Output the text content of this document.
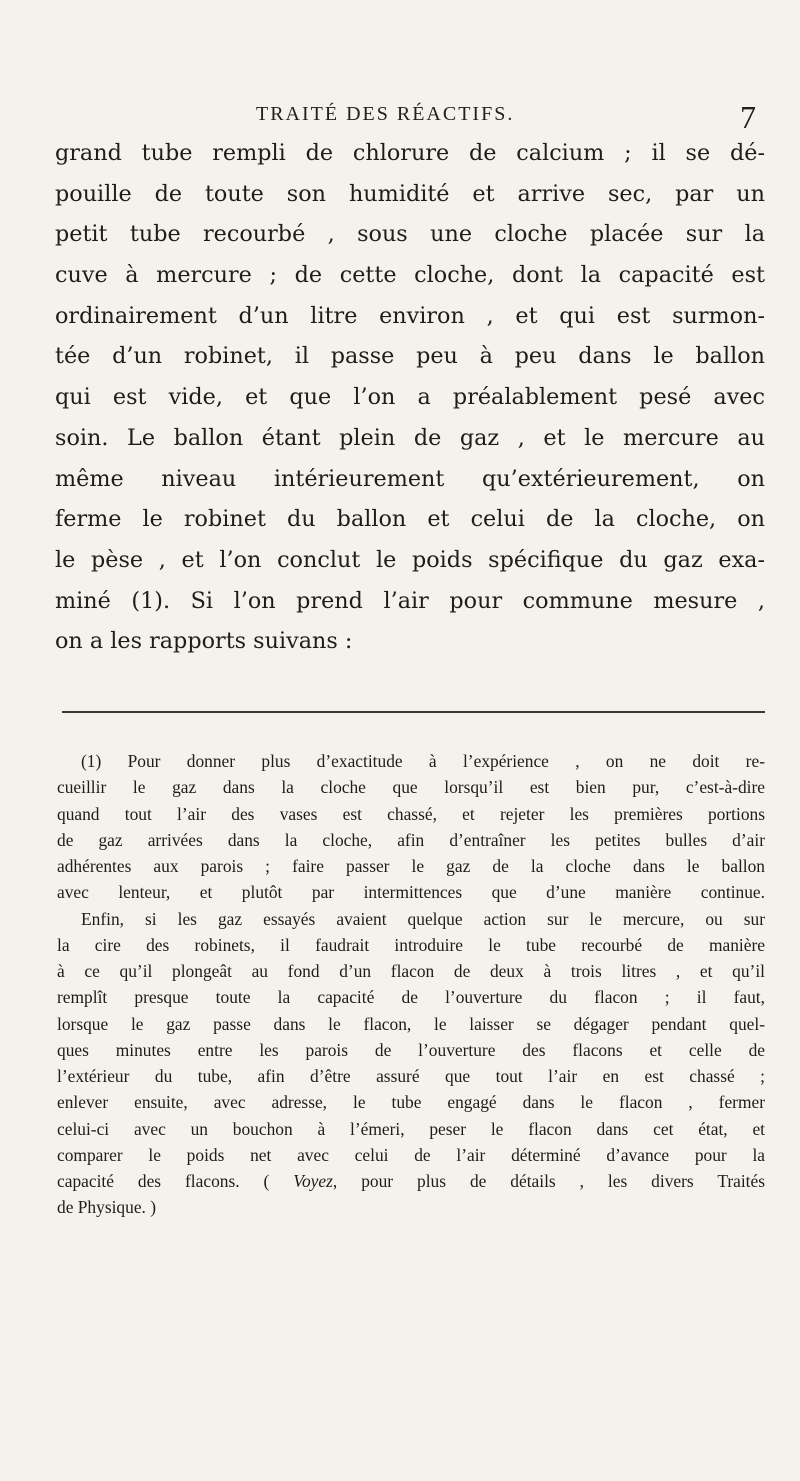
TRAITÉ DES RÉACTIFS.	7
grand tube rempli de chlorure de calcium ; il se dé-
pouille de toute son humidité et arrive sec, par un
petit tube recourbé , sous une cloche placée sur la
cuve à mercure ; de cette cloche, dont la capacité est
ordinairement d’un litre environ , et qui est surmon-
tée d’un robinet, il passe peu à peu dans le ballon
qui est vide, et que l’on a préalablement pesé avec
soin. Le ballon étant plein de gaz , et le mercure au
même niveau intérieurement qu’extérieurement, on
ferme le robinet du ballon et celui de la cloche, on
le pèse , et l’on conclut le poids spécifique du gaz exa-
miné (1). Si l’on prend l’air pour commune mesure ,
on a les rapports suivans :
(1) Pour donner plus d’exactitude à l’expérience , on ne doit re-
cueillir le gaz dans la cloche que lorsqu’il est bien pur, c’est-à-dire
quand tout l’air des vases est chassé, et rejeter les premières portions
de gaz arrivées dans la cloche, afin d’entraîner les petites bulles d’air
adhérentes aux parois ; faire passer le gaz de la cloche dans le ballon
avec lenteur, et plutôt par intermittences que d’une manière continue.
Enfin, si les gaz essayés avaient quelque action sur le mercure, ou sur
la cire des robinets, il faudrait introduire le tube recourbé de manière
à ce qu’il plongeât au fond d’un flacon de deux à trois litres , et qu’il
remplît presque toute la capacité de l’ouverture du flacon ; il faut,
lorsque le gaz passe dans le flacon, le laisser se dégager pendant quel-
ques minutes entre les parois de l’ouverture des flacons et celle de
l’extérieur du tube, afin d’être assuré que tout l’air en est chassé ;
enlever ensuite, avec adresse, le tube engagé dans le flacon , fermer
celui-ci avec un bouchon à l’émeri, peser le flacon dans cet état, et
comparer le poids net avec celui de l’air déterminé d’avance pour la
capacité des flacons. ( Voyez, pour plus de détails , les divers Traités
de Physique. )
